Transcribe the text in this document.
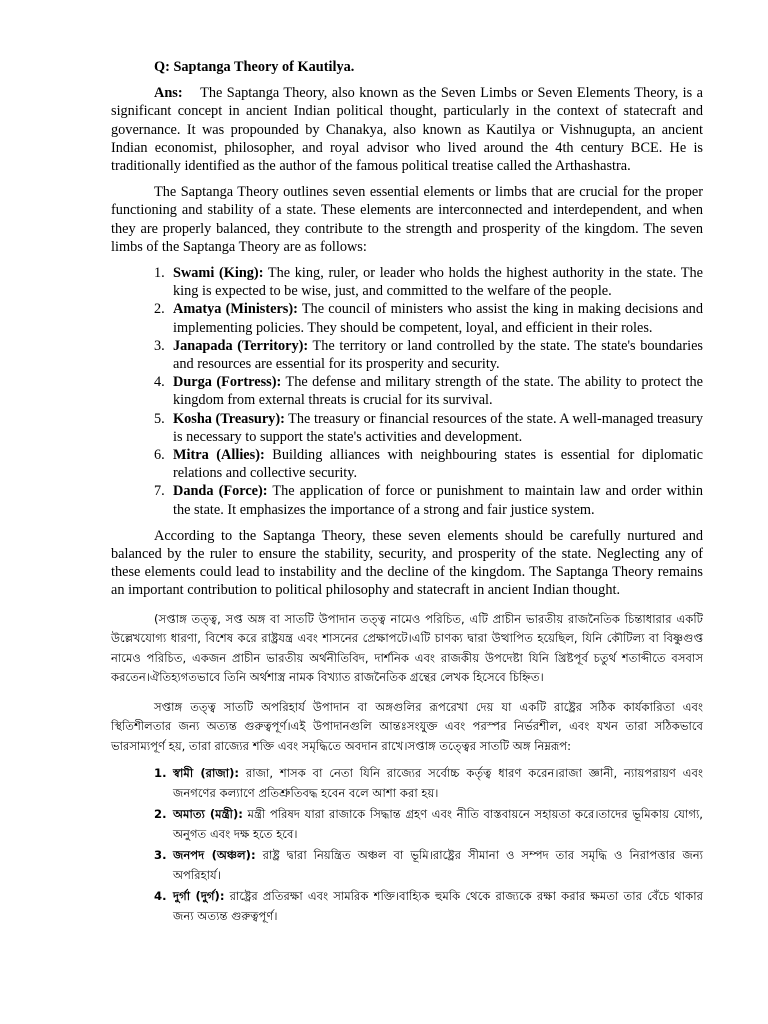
Q: Saptanga Theory of Kautilya.

Ans: The Saptanga Theory, also known as the Seven Limbs or Seven Elements Theory, is a significant concept in ancient Indian political thought, particularly in the context of statecraft and governance. It was propounded by Chanakya, also known as Kautilya or Vishnugupta, an ancient Indian economist, philosopher, and royal advisor who lived around the 4th century BCE. He is traditionally identified as the author of the famous political treatise called the Arthashastra.

The Saptanga Theory outlines seven essential elements or limbs that are crucial for the proper functioning and stability of a state. These elements are interconnected and interdependent, and when they are properly balanced, they contribute to the strength and prosperity of the kingdom. The seven limbs of the Saptanga Theory are as follows:

1. Swami (King): The king, ruler, or leader who holds the highest authority in the state. The king is expected to be wise, just, and committed to the welfare of the people.
2. Amatya (Ministers): The council of ministers who assist the king in making decisions and implementing policies. They should be competent, loyal, and efficient in their roles.
3. Janapada (Territory): The territory or land controlled by the state. The state's boundaries and resources are essential for its prosperity and security.
4. Durga (Fortress): The defense and military strength of the state. The ability to protect the kingdom from external threats is crucial for its survival.
5. Kosha (Treasury): The treasury or financial resources of the state. A well-managed treasury is necessary to support the state's activities and development.
6. Mitra (Allies): Building alliances with neighbouring states is essential for diplomatic relations and collective security.
7. Danda (Force): The application of force or punishment to maintain law and order within the state. It emphasizes the importance of a strong and fair justice system.

According to the Saptanga Theory, these seven elements should be carefully nurtured and balanced by the ruler to ensure the stability, security, and prosperity of the state. Neglecting any of these elements could lead to instability and the decline of the kingdom. The Saptanga Theory remains an important contribution to political philosophy and statecraft in ancient Indian thought.

(সপ্তাঙ্গ তত্ত্ব, সপ্ত অঙ্গ বা সাতটি উপাদান তত্ত্ব নামেও পরিচিত, এটি প্রাচীন ভারতীয় রাজনৈতিক চিন্তাধারার একটি উল্লেখযোগ্য ধারণা, বিশেষ করে রাষ্ট্রযন্ত্র এবং শাসনের প্রেক্ষাপটে।এটি চাণক্য দ্বারা উত্থাপিত হয়েছিল, যিনি কৌটিল্য বা বিষ্ণুগুপ্ত নামেও পরিচিত, একজন প্রাচীন ভারতীয় অর্থনীতিবিদ, দার্শনিক এবং রাজকীয় উপদেষ্টা যিনি খ্রিষ্টপূর্ব চতুর্থ শতাব্দীতে বসবাস করতেন।ঐতিহ্যগতভাবে তিনি অর্থশাস্ত্র নামক বিখ্যাত রাজনৈতিক গ্রন্থের লেখক হিসেবে চিহ্নিত।

সপ্তাঙ্গ তত্ত্ব সাতটি অপরিহার্য উপাদান বা অঙ্গগুলির রূপরেখা দেয় যা একটি রাষ্ট্রের সঠিক কার্যকারিতা এবং স্থিতিশীলতার জন্য অত্যন্ত গুরুত্বপূর্ণ।এই উপাদানগুলি আন্তঃসংযুক্ত এবং পরস্পর নির্ভরশীল, এবং যখন তারা সঠিকভাবে ভারসাম্যপূর্ণ হয়, তারা রাজ্যের শক্তি এবং সমৃদ্ধিতে অবদান রাখে।সপ্তাঙ্গ তত্ত্বের সাতটি অঙ্গ নিম্নরূপ:

1. স্বামী (রাজা): রাজা, শাসক বা নেতা যিনি রাজ্যের সর্বোচ্চ কর্তৃত্ব ধারণ করেন।রাজা জ্ঞানী, ন্যায়পরায়ণ এবং জনগণের কল্যাণে প্রতিশ্রুতিবদ্ধ হবেন বলে আশা করা হয়।
2. অমাত্য (মন্ত্রী): মন্ত্রী পরিষদ যারা রাজাকে সিদ্ধান্ত গ্রহণ এবং নীতি বাস্তবায়নে সহায়তা করে।তাদের ভূমিকায় যোগ্য, অনুগত এবং দক্ষ হতে হবে।
3. জনপদ (অঞ্চল): রাষ্ট্র দ্বারা নিয়ন্ত্রিত অঞ্চল বা ভূমি।রাষ্ট্রের সীমানা ও সম্পদ তার সমৃদ্ধি ও নিরাপত্তার জন্য অপরিহার্য।
4. দুর্গা (দুর্গ): রাষ্ট্রের প্রতিরক্ষা এবং সামরিক শক্তি।বাহ্যিক হুমকি থেকে রাজ্যকে রক্ষা করার ক্ষমতা তার বেঁচে থাকার জন্য অত্যন্ত গুরুত্বপূর্ণ।
